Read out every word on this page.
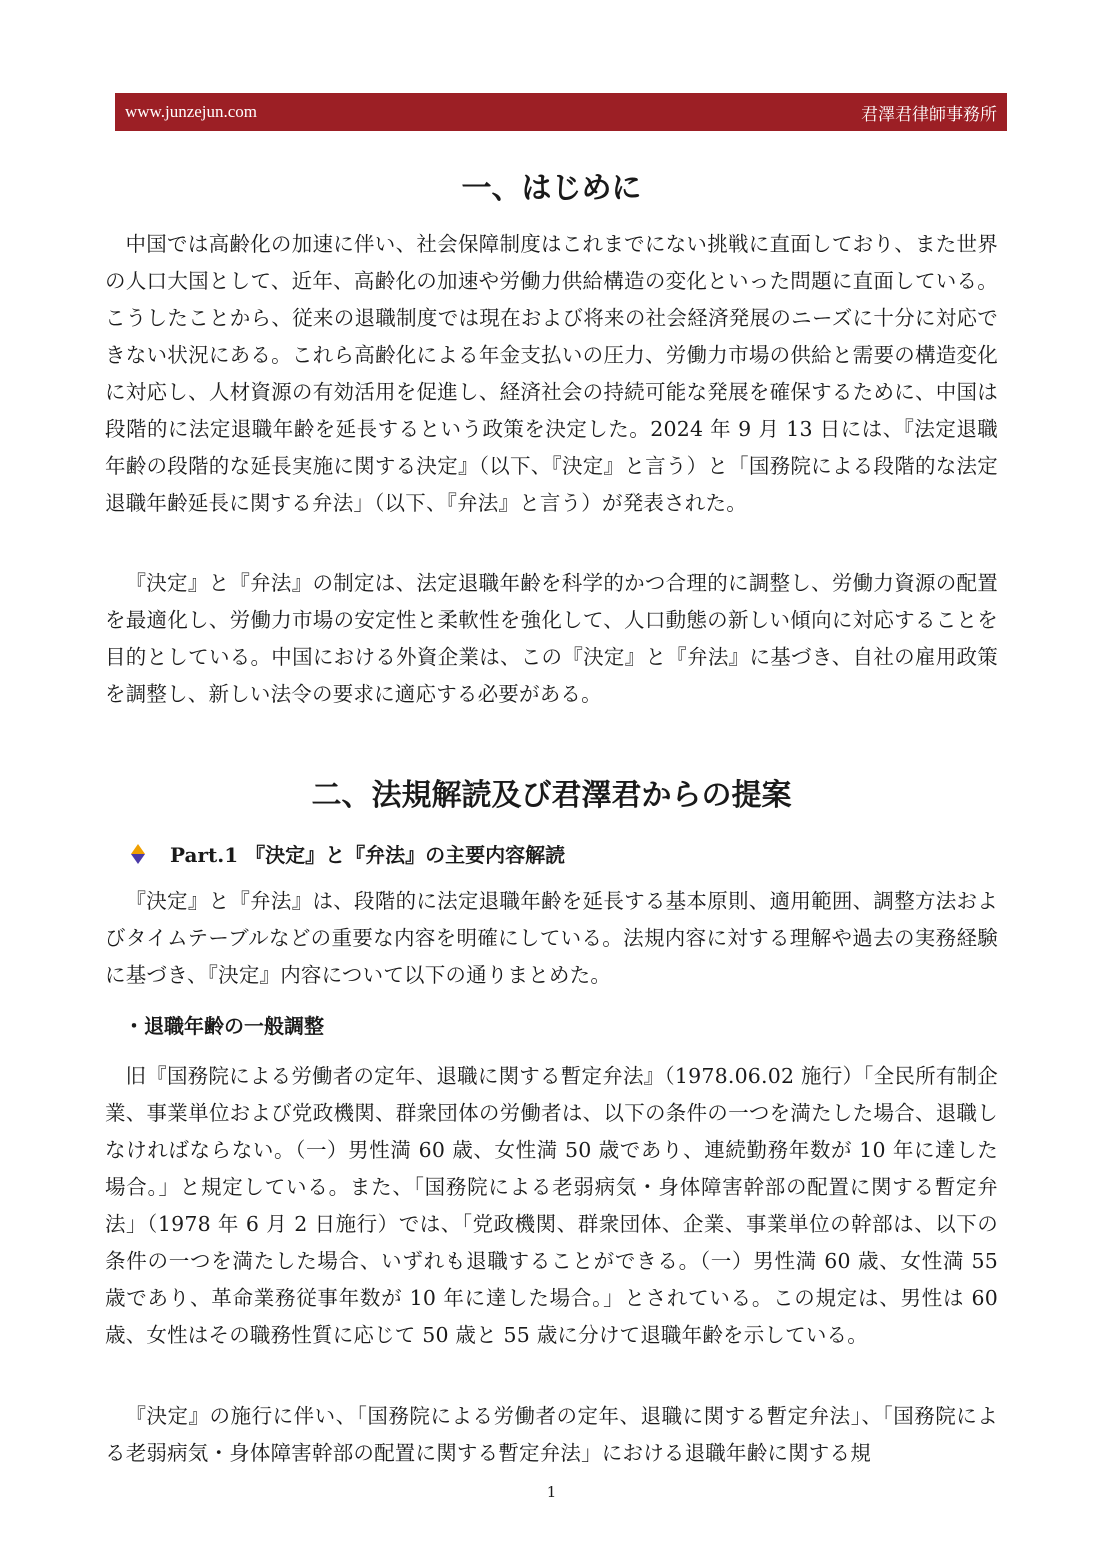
www.junzejun.com	君澤君律師事務所
一、はじめに

中国では高齢化の加速に伴い、社会保障制度はこれまでにない挑戦に直面しており、また世界の人口大国として、近年、高齢化の加速や労働力供給構造の変化といった問題に直面している。こうしたことから、従来の退職制度では現在および将来の社会経済発展のニーズに十分に対応できない状況にある。これら高齢化による年金支払いの圧力、労働力市場の供給と需要の構造変化に対応し、人材資源の有効活用を促進し、経済社会の持続可能な発展を確保するために、中国は段階的に法定退職年齢を延長するという政策を決定した。2024 年 9 月 13 日には、『法定退職年齢の段階的な延長実施に関する決定』（以下、『決定』と言う）と「国務院による段階的な法定退職年齢延長に関する弁法」（以下、『弁法』と言う）が発表された。

『決定』と『弁法』の制定は、法定退職年齢を科学的かつ合理的に調整し、労働力資源の配置を最適化し、労働力市場の安定性と柔軟性を強化して、人口動態の新しい傾向に対応することを目的としている。中国における外資企業は、この『決定』と『弁法』に基づき、自社の雇用政策を調整し、新しい法令の要求に適応する必要がある。

二、法規解読及び君澤君からの提案
Part.1 『決定』と『弁法』の主要内容解読

『決定』と『弁法』は、段階的に法定退職年齢を延長する基本原則、適用範囲、調整方法およびタイムテーブルなどの重要な内容を明確にしている。法規内容に対する理解や過去の実務経験に基づき、『決定』内容について以下の通りまとめた。

・退職年齢の一般調整

旧『国務院による労働者の定年、退職に関する暫定弁法』（1978.06.02 施行）「全民所有制企業、事業単位および党政機関、群衆団体の労働者は、以下の条件の一つを満たした場合、退職しなければならない。（一）男性満 60 歳、女性満 50 歳であり、連続勤務年数が 10 年に達した場合。」と規定している。また、「国務院による老弱病気・身体障害幹部の配置に関する暫定弁法」（1978 年 6 月 2 日施行）では、「党政機関、群衆団体、企業、事業単位の幹部は、以下の条件の一つを満たした場合、いずれも退職することができる。（一）男性満 60 歳、女性満 55 歳であり、革命業務従事年数が 10 年に達した場合。」とされている。この規定は、男性は 60 歳、女性はその職務性質に応じて 50 歳と 55 歳に分けて退職年齢を示している。

『決定』の施行に伴い、「国務院による労働者の定年、退職に関する暫定弁法」、「国務院による老弱病気・身体障害幹部の配置に関する暫定弁法」における退職年齢に関する規

1
